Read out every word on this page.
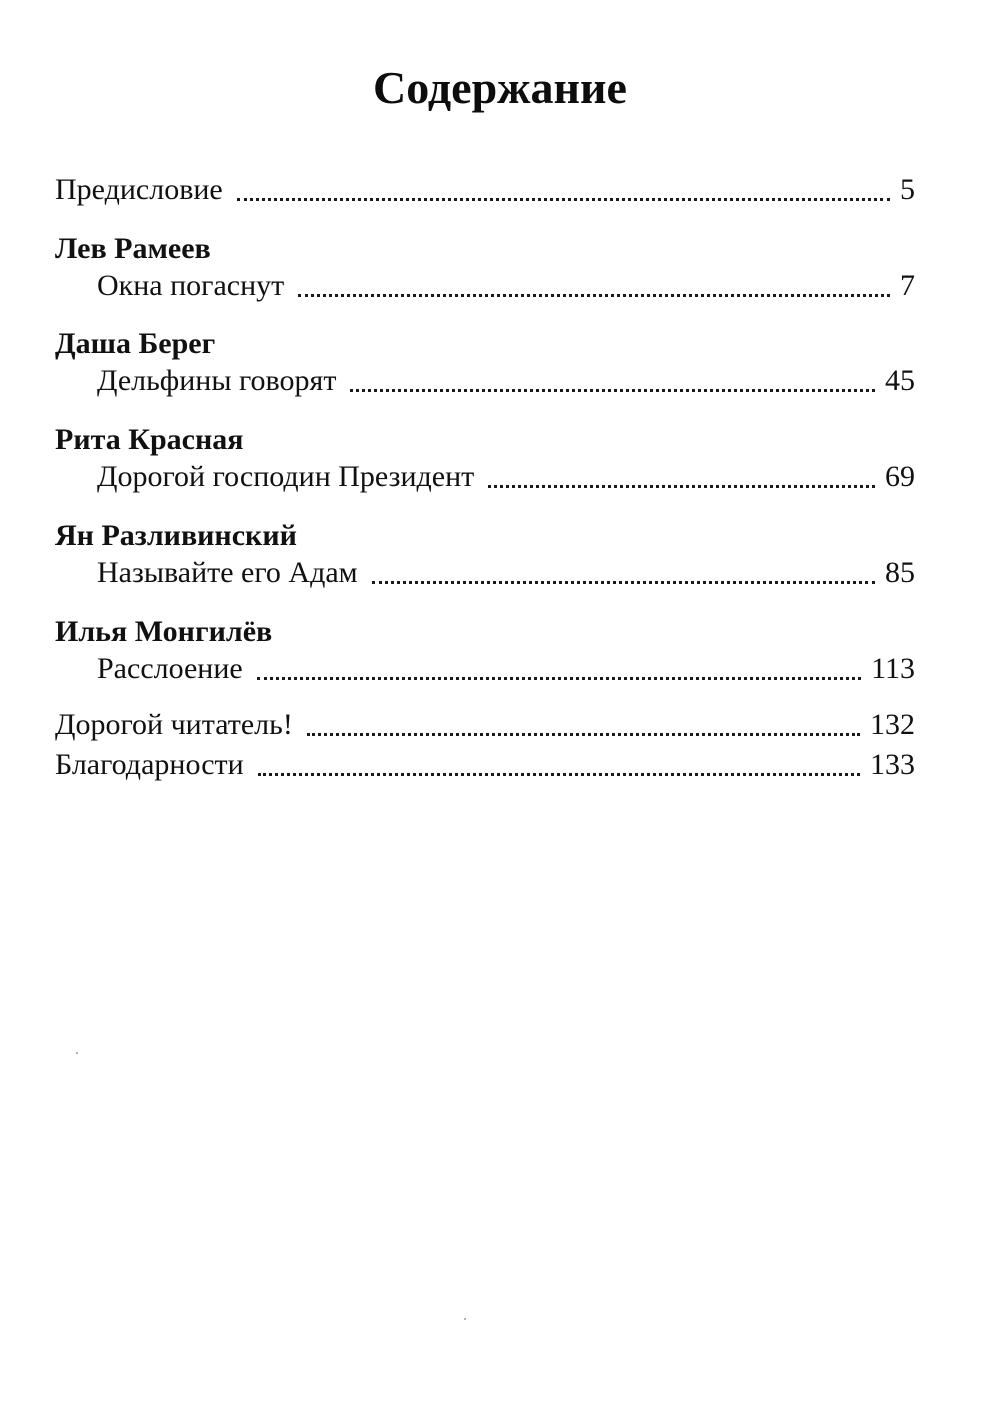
Содержание
Предисловие	5
Лев Рамеев
Окна погаснут	7
Даша Берег
Дельфины говорят	45
Рита Красная
Дорогой господин Президент	69
Ян Разливинский
Называйте его Адам	85
Илья Монгилёв
Расслоение	113
Дорогой читатель!	132
Благодарности	133
